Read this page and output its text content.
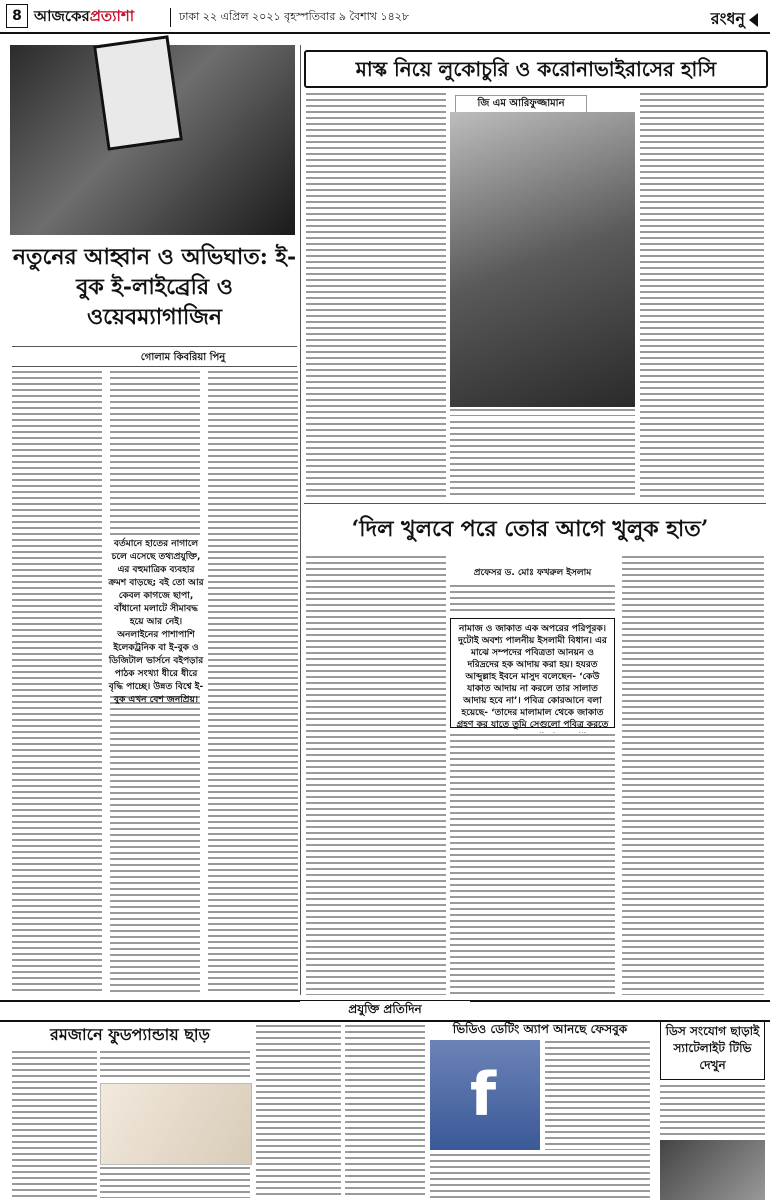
8 আজকেরপ্রত্যাশা	ঢাকা ২২ এপ্রিল ২০২১ বৃহস্পতিবার ৯ বৈশাখ ১৪২৮	রংধনু
নতুনের আহ্বান ও অভিঘাত: ই-বুক ই-লাইব্রেরি ও ওয়েবম্যাগাজিন
গোলাম কিবরিয়া পিনু
বর্তমানে হাতের নাগালে চলে এসেছে তথ্যপ্রযুক্তি, এর বহুমাত্রিক ব্যবহার ক্রমশ বাড়ছে; বই তো আর কেবল কাগজে ছাপা, বাঁধানো মলাটে সীমাবদ্ধ হয়ে আর নেই। অনলাইনের পাশাপাশি ইলেকট্রনিক বা ই-বুক ও ডিজিটাল ভার্সনে বইপড়ার পাঠক সংখ্যা ধীরে ধীরে বৃদ্ধি পাচ্ছে। উন্নত বিশ্বে ই-বুক এখন বেশ জনপ্রিয়।
মাস্ক নিয়ে লুকোচুরি ও করোনাভাইরাসের হাসি
জি এম আরিফুজ্জামান
‘দিল খুলবে পরে তোর আগে খুলুক হাত’
প্রফেসর ড. মোঃ ফখরুল ইসলাম
নামাজ ও জাকাত এক অপরের পরিপূরক। দুটোই অবশ্য পালনীয় ইসলামী বিধান। এর মাঝে সম্পদের পবিত্রতা আনয়ন ও দরিদ্রদের হক আদায় করা হয়। হযরত আব্দুল্লাহ ইবনে মাসুদ বলেছেন- ‘কেউ যাকাত আদায় না করলে তার সালাত আদায় হবে না’। পবিত্র কোরআনে বলা হয়েছে- ‘তাদের মালামাল থেকে জাকাত গ্রহণ কর যাতে তুমি সেগুলো পবিত্র করতে
প্রযুক্তি প্রতিদিন
রমজানে ফুডপ্যান্ডায় ছাড়	ভিডিও ডেটিং অ্যাপ আনছে ফেসবুক
f
ডিস সংযোগ ছাড়াই স্যাটেলাইট টিভি দেখুন
